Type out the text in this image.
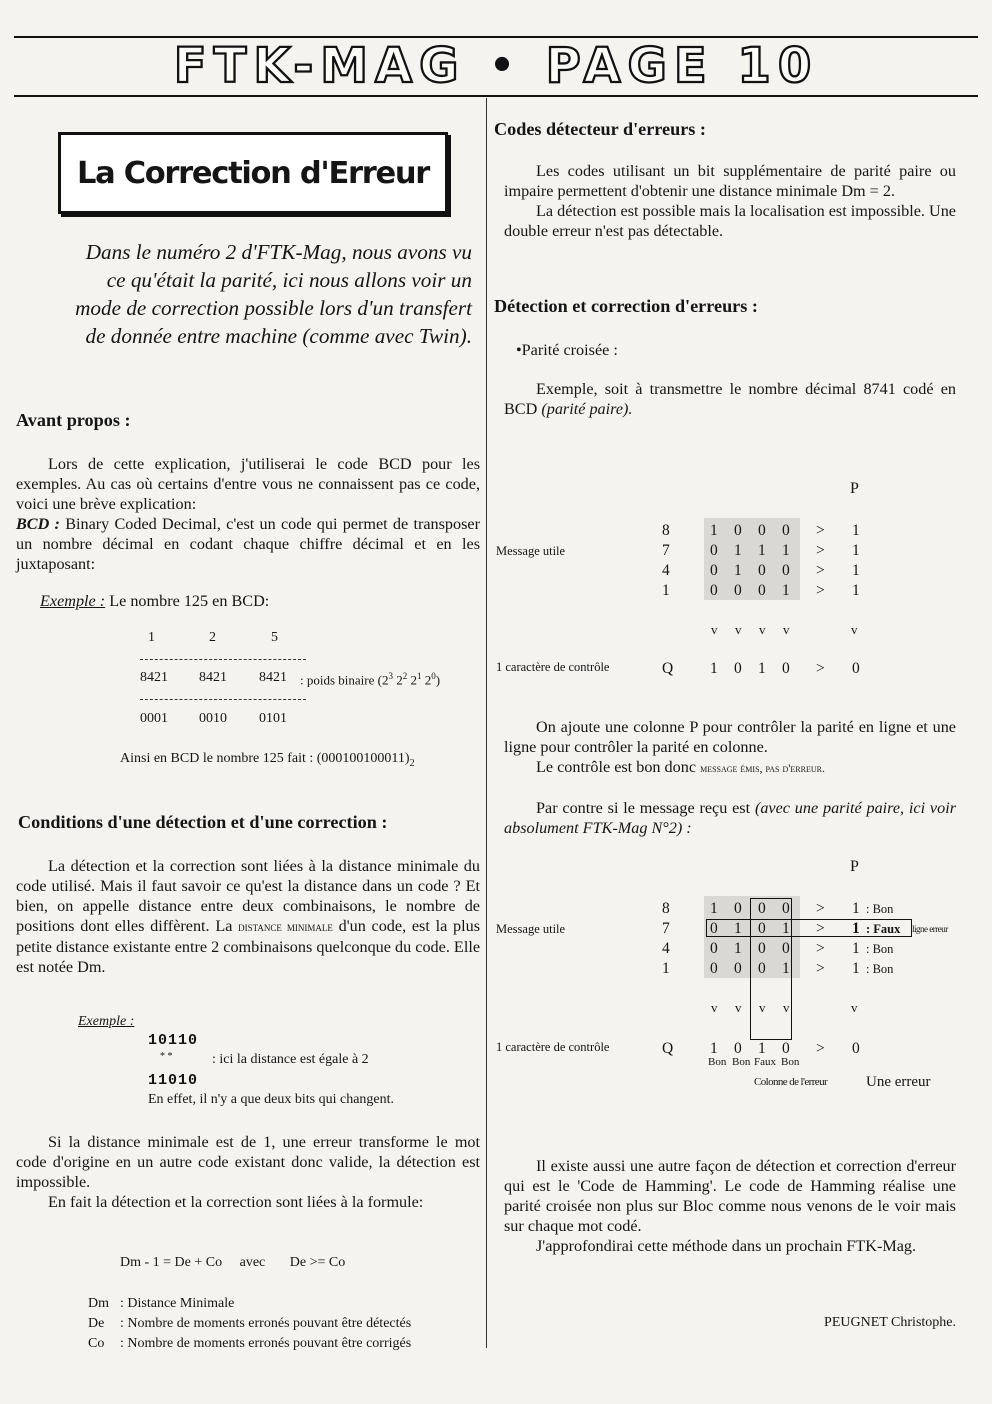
FTK-MAG • PAGE 10
La Correction d'Erreur

Dans le numéro 2 d'FTK-Mag, nous avons vu ce qu'était la parité, ici nous allons voir un mode de correction possible lors d'un transfert de donnée entre machine (comme avec Twin).

Avant propos :

Lors de cette explication, j'utiliserai le code BCD pour les exemples. Au cas où certains d'entre vous ne connaissent pas ce code, voici une brève explication:

BCD : Binary Coded Decimal, c'est un code qui permet de transposer un nombre décimal en codant chaque chiffre décimal et en les juxtaposant:

Exemple : Le nombre 125 en BCD:

1	2	5
8421 8421 8421 : poids binaire ($2^3$ $2^2$ $2^1$ $2^0$)
0001 0010 0101

Ainsi en BCD le nombre 125 fait : $(000100100011)_2$

Conditions d'une détection et d'une correction :

La détection et la correction sont liées à la distance minimale du code utilisé. Mais il faut savoir ce qu'est la distance dans un code ? Et bien, on appelle distance entre deux combinaisons, le nombre de positions dont elles diffèrent. La distance minimale d'un code, est la plus petite distance existante entre 2 combinaisons quelconque du code. Elle est notée Dm.

Exemple :
10110
* *	: ici la distance est égale à 2
11010
En effet, il n'y a que deux bits qui changent.

Si la distance minimale est de 1, une erreur transforme le mot code d'origine en un autre code existant donc valide, la détection est impossible.

En fait la détection et la correction sont liées à la formule:

Dm - 1 = De + Co avec De >= Co

Dm : Distance Minimale
De : Nombre de moments erronés pouvant être détectés
Co : Nombre de moments erronés pouvant être corrigés
Codes détecteur d'erreurs :

Les codes utilisant un bit supplémentaire de parité paire ou impaire permettent d'obtenir une distance minimale Dm = 2.

La détection est possible mais la localisation est impossible. Une double erreur n'est pas détectable.

Détection et correction d'erreurs :

•Parité croisée :

Exemple, soit à transmettre le nombre décimal 8741 codé en BCD (parité paire).

P
Message utile
1 caractère de contrôle
8	1 0 0 0 > 1
7	0 1 1 1 > 1
4	0 1 0 0 > 1
1	0 0 0 1 > 1
v v v v	v
Q 1 0 1 0 > 0

On ajoute une colonne P pour contrôler la parité en ligne et une ligne pour contrôler la parité en colonne.

Le contrôle est bon donc message émis, pas d'erreur.

Par contre si le message reçu est (avec une parité paire, ici voir absolument FTK-Mag N°2) :

P
Message utile
1 caractère de contrôle
8	1 0 0 0 > 1 : Bon
7	0 1 0 1 > 1 : Faux ligne erreur
4	0 1 0 0 > 1 : Bon
1	0 0 0 1 > 1 : Bon
v v v v	v
Q 1 0 1 0 > 0
Bon Bon Faux Bon
Colonne de l'erreur	Une erreur

Il existe aussi une autre façon de détection et correction d'erreur qui est le 'Code de Hamming'. Le code de Hamming réalise une parité croisée non plus sur Bloc comme nous venons de le voir mais sur chaque mot codé.

J'approfondirai cette méthode dans un prochain FTK-Mag.

PEUGNET Christophe.
